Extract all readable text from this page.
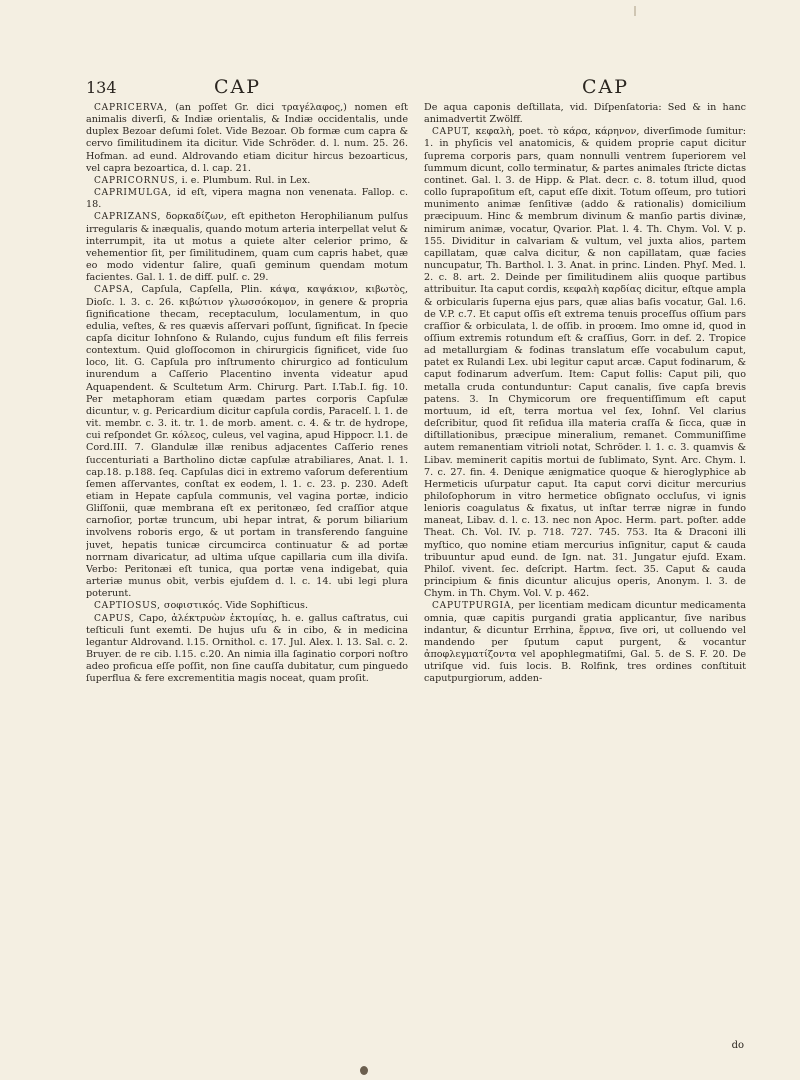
134	CAP	CAP

CAPRICERVA, (an poſſet Gr. dici τραγέλαφος,) nomen eſt animalis diverſi, & Indiæ orientalis, & Indiæ occidentalis, unde duplex Bezoar deſumi ſolet. Vide Bezoar. Ob formæ cum capra & cervo ſimilitudinem ita dicitur. Vide Schröder. d. l. num. 25. 26. Hofman. ad eund. Aldrovando etiam dicitur hircus bezoarticus, vel capra bezoartica, d. l. cap. 21.

CAPRICORNUS, i. e. Plumbum. Rul. in Lex.

CAPRIMULGA, id eſt, vipera magna non venenata. Fallop. c. 18.

CAPRIZANS, δορκαδίζων, eſt epitheton Herophilianum pulſus irregularis & inæqualis, quando motum arteria interpellat velut & interrumpit, ita ut motus a quiete alter celerior primo, & vehementior ſit, per ſimilitudinem, quam cum capris habet, quæ eo modo videntur ſalire, quaſi geminum quendam motum facientes. Gal. l. 1. de diff. pulſ. c. 29.

CAPSA, Capſula, Capſella, Plin. κάψα, καψάκιον, κιβωτὸς, Dioſc. l. 3. c. 26. κιβώτιον γλωσσόκομον, in genere & propria ſignificatione thecam, receptaculum, loculamentum, in quo edulia, veſtes, & res quævis aſſervari poſſunt, ſignificat. In ſpecie capſa dicitur Iohnſono & Rulando, cujus fundum eſt filis ferreis contextum. Quid gloſſocomon in chirurgicis ſignificet, vide ſuo loco, lit. G. Capſula pro inſtrumento chirurgico ad fonticulum inurendum a Caſſerio Placentino inventa videatur apud Aquapendent. & Scultetum Arm. Chirurg. Part. I.Tab.I. fig. 10. Per metaphoram etiam quædam partes corporis Capſulæ dicuntur, v. g. Pericardium dicitur capſula cordis, Paracelſ. l. 1. de vit. membr. c. 3. it. tr. 1. de morb. ament. c. 4. & tr. de hydrope, cui reſpondet Gr. κόλεος, culeus, vel vagina, apud Hippocr. l.1. de Cord.III. 7. Glandulæ illæ renibus adjacentes Caſſerio renes ſuccenturiati a Bartholino dictæ capſulæ atrabiliares, Anat. l. 1. cap.18. p.188. ſeq. Capſulas dici in extremo vaſorum deferentium ſemen aſſervantes, conſtat ex eodem, l. 1. c. 23. p. 230. Adeſt etiam in Hepate capſula communis, vel vagina portæ, indicio Gliſſonii, quæ membrana eſt ex peritonæo, ſed craſſior atque carnoſior, portæ truncum, ubi hepar intrat, & porum biliarium involvens roboris ergo, & ut portam in transferendo ſanguine juvet, hepatis tunicæ circumcirca continuatur & ad portæ norrnam divaricatur, ad ultima uſque capillaria cum illa diviſa. Verbo: Peritonæi eſt tunica, qua portæ vena indigebat, quia arteriæ munus obit, verbis ejuſdem d. l. c. 14. ubi legi plura poterunt.

CAPTIOSUS, σοφιστικός. Vide Sophiſticus.

CAPUS, Capo, ἀλέκτρυὼν ἐκτομίας, h. e. gallus caſtratus, cui teſticuli ſunt exemti. De hujus uſu & in cibo, & in medicina legantur Aldrovand. l.15. Ornithol. c. 17. Jul. Alex. l. 13. Sal. c. 2. Bruyer. de re cib. l.15. c.20. An nimia illa ſaginatio corpori noſtro adeo proficua eſſe poſſit, non ſine cauſſa dubitatur, cum pinguedo ſuperflua & fere excrementitia magis noceat, quam proſit.

De aqua caponis deſtillata, vid. Diſpenſatoria: Sed & in hanc animadvertit Zwölff.

CAPUT, κεφαλὴ, poet. τὸ κάρα, κάρηνον, diverſimode ſumitur: 1. in phyſicis vel anatomicis, & quidem proprie caput dicitur ſuprema corporis pars, quam nonnulli ventrem ſuperiorem vel ſummum dicunt, collo terminatur, & partes animales ſtricte dictas continet. Gal. l. 3. de Hipp. & Plat. decr. c. 8. totum illud, quod collo ſuprapoſitum eſt, caput eſſe dixit. Totum oſſeum, pro tutiori munimento animæ ſenſitivæ (addo & rationalis) domicilium præcipuum. Hinc & membrum divinum & manſio partis divinæ, nimirum animæ, vocatur, Qvarior. Plat. l. 4. Th. Chym. Vol. V. p. 155. Dividitur in calvariam & vultum, vel juxta alios, partem capillatam, quæ calva dicitur, & non capillatam, quæ facies nuncupatur, Th. Barthol. l. 3. Anat. in princ. Linden. Phyſ. Med. l. 2. c. 8. art. 2. Deinde per ſimilitudinem aliis quoque partibus attribuitur. Ita caput cordis, κεφαλὴ καρδίας dicitur, eſtque ampla & orbicularis ſuperna ejus pars, quæ alias baſis vocatur, Gal. l.6. de V.P. c.7. Et caput oſſis eſt extrema tenuis proceſſus oſſium pars craſſior & orbiculata, l. de oſſib. in proœm. Imo omne id, quod in oſſium extremis rotundum eſt & craſſius, Gorr. in def. 2. Tropice ad metallurgiam & fodinas translatum eſſe vocabulum caput, patet ex Rulandi Lex. ubi legitur caput arcæ. Caput fodinarum, & caput fodinarum adverſum. Item: Caput follis: Caput pili, quo metalla cruda contunduntur: Caput canalis, ſive capſa brevis patens. 3. In Chymicorum ore frequentiſſimum eſt caput mortuum, id eſt, terra mortua vel ſex, Iohnſ. Vel clarius deſcribitur, quod ſit reſidua illa materia craſſa & ſicca, quæ in diſtillationibus, præcipue mineralium, remanet. Communiſſime autem remanentiam vitrioli notat, Schröder. l. 1. c. 3. quamvis & Libav. meminerit capitis mortui de ſublimato, Synt. Arc. Chym. l. 7. c. 27. fin. 4. Denique ænigmatice quoque & hieroglyphice ab Hermeticis uſurpatur caput. Ita caput corvi dicitur mercurius philoſophorum in vitro hermetice obſignato occluſus, vi ignis lenioris coagulatus & fixatus, ut inſtar terræ nigræ in fundo maneat, Libav. d. l. c. 13. nec non Apoc. Herm. part. poſter. adde Theat. Ch. Vol. IV. p. 718. 727. 745. 753. Ita & Draconi illi myſtico, quo nomine etiam mercurius inſignitur, caput & cauda tribuuntur apud eund. de Ign. nat. 31. Jungatur ejuſd. Exam. Philoſ. vivent. ſec. deſcript. Hartm. ſect. 35. Caput & cauda principium & finis dicuntur alicujus operis, Anonym. l. 3. de Chym. in Th. Chym. Vol. V. p. 462.

CAPUTPURGIA, per licentiam medicam dicuntur medicamenta omnia, quæ capitis purgandi gratia applicantur, ſive naribus indantur, & dicuntur Errhina, ἔρρινα, ſive ori, ut colluendo vel mandendo per ſputum caput purgent, & vocantur ἀποφλεγματίζοντα vel apophlegmatiſmi, Gal. 5. de S. F. 20. De utriſque vid. ſuis locis. B. Rolfink, tres ordines conſtituit caputpurgiorum, adden-

do
